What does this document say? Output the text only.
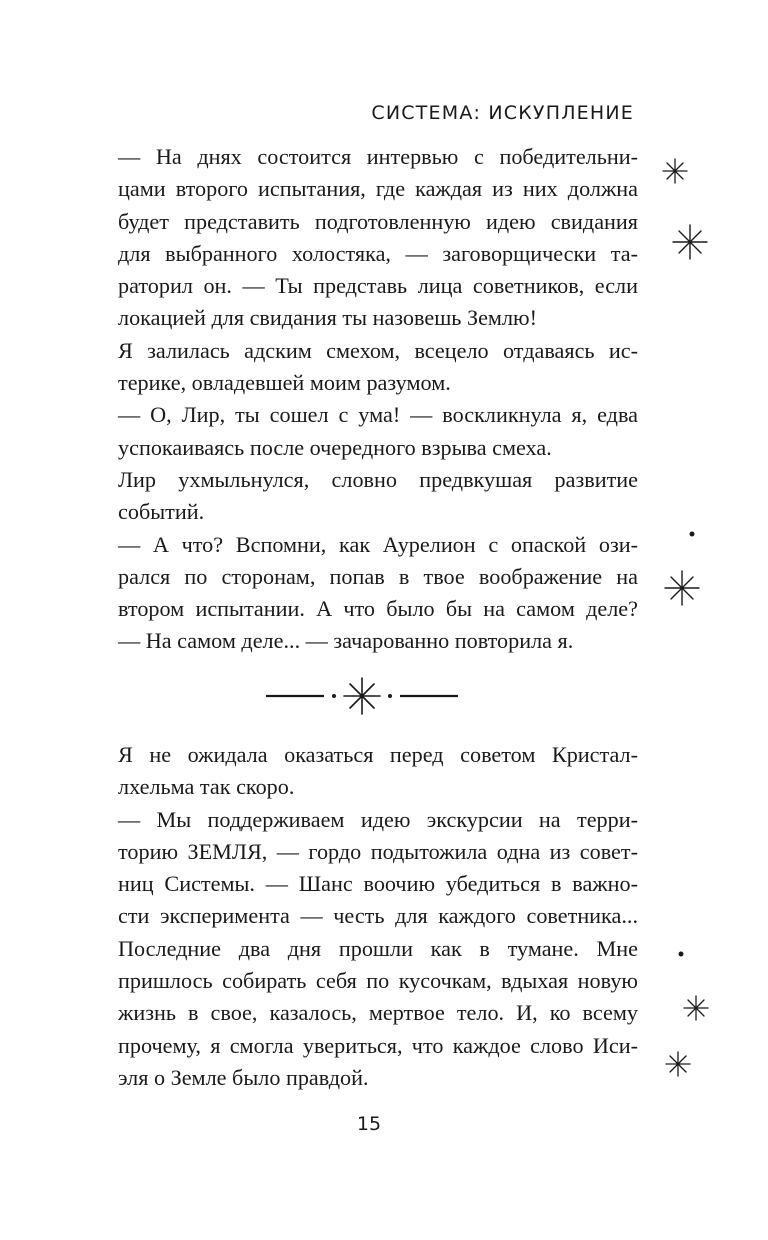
СИСТЕМА: ИСКУПЛЕНИЕ
— На днях состоится интервью с победительни-
цами второго испытания, где каждая из них должна
будет представить подготовленную идею свидания
для выбранного холостяка, — заговорщически та-
раторил он. — Ты представь лица советников, если
локацией для свидания ты назовешь Землю!
Я залилась адским смехом, всецело отдаваясь ис-
терике, овладевшей моим разумом.
— О, Лир, ты сошел с ума! — воскликнула я, едва
успокаиваясь после очередного взрыва смеха.
Лир ухмыльнулся, словно предвкушая развитие
событий.
— А что? Вспомни, как Аурелион с опаской ози-
рался по сторонам, попав в твое воображение на
втором испытании. А что было бы на самом деле?
— На самом деле... — зачарованно повторила я.
Я не ожидала оказаться перед советом Кристал-
лхельма так скоро.
— Мы поддерживаем идею экскурсии на терри-
торию ЗЕМЛЯ, — гордо подытожила одна из совет-
ниц Системы. — Шанс воочию убедиться в важно-
сти эксперимента — честь для каждого советника...
Последние два дня прошли как в тумане. Мне
пришлось собирать себя по кусочкам, вдыхая новую
жизнь в свое, казалось, мертвое тело. И, ко всему
прочему, я смогла увериться, что каждое слово Иси-
эля о Земле было правдой.
15
